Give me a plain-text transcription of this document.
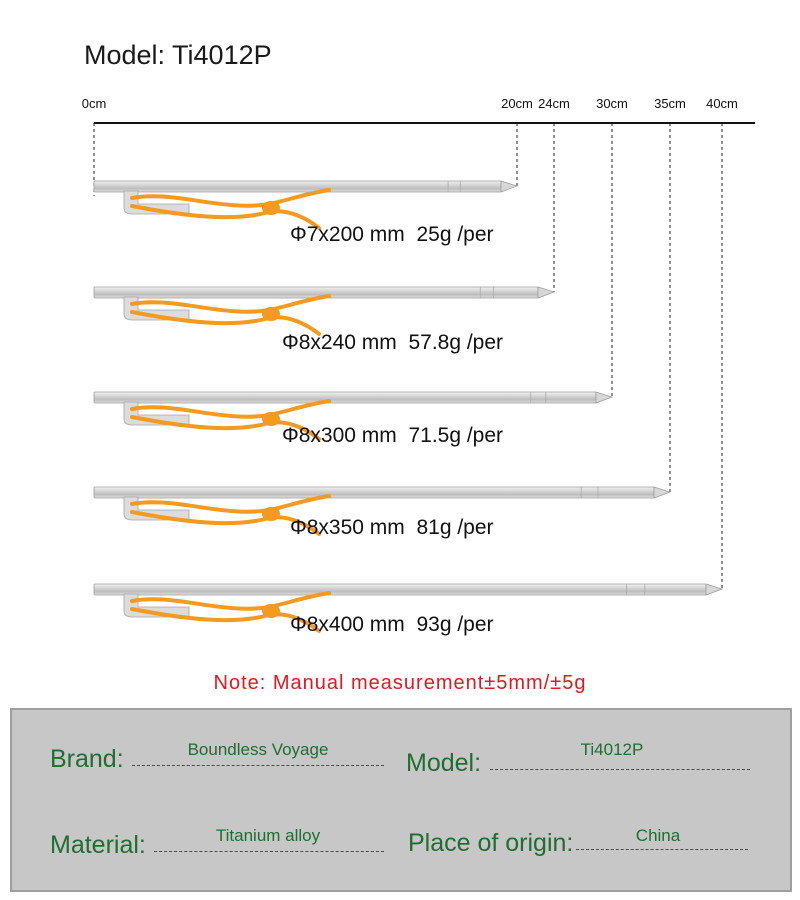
Model: Ti4012P
0cm	20cm 24cm 30cm 35cm 40cm
Φ7x200 mm  25g /per
Φ8x240 mm  57.8g /per
Φ8x300 mm  71.5g /per
Φ8x350 mm  81g /per
Φ8x400 mm  93g /per
Note: Manual measurement±5mm/±5g
Brand:	Boundless Voyage	Model:	Ti4012P
Material:	Titanium alloy	Place of origin:	China
